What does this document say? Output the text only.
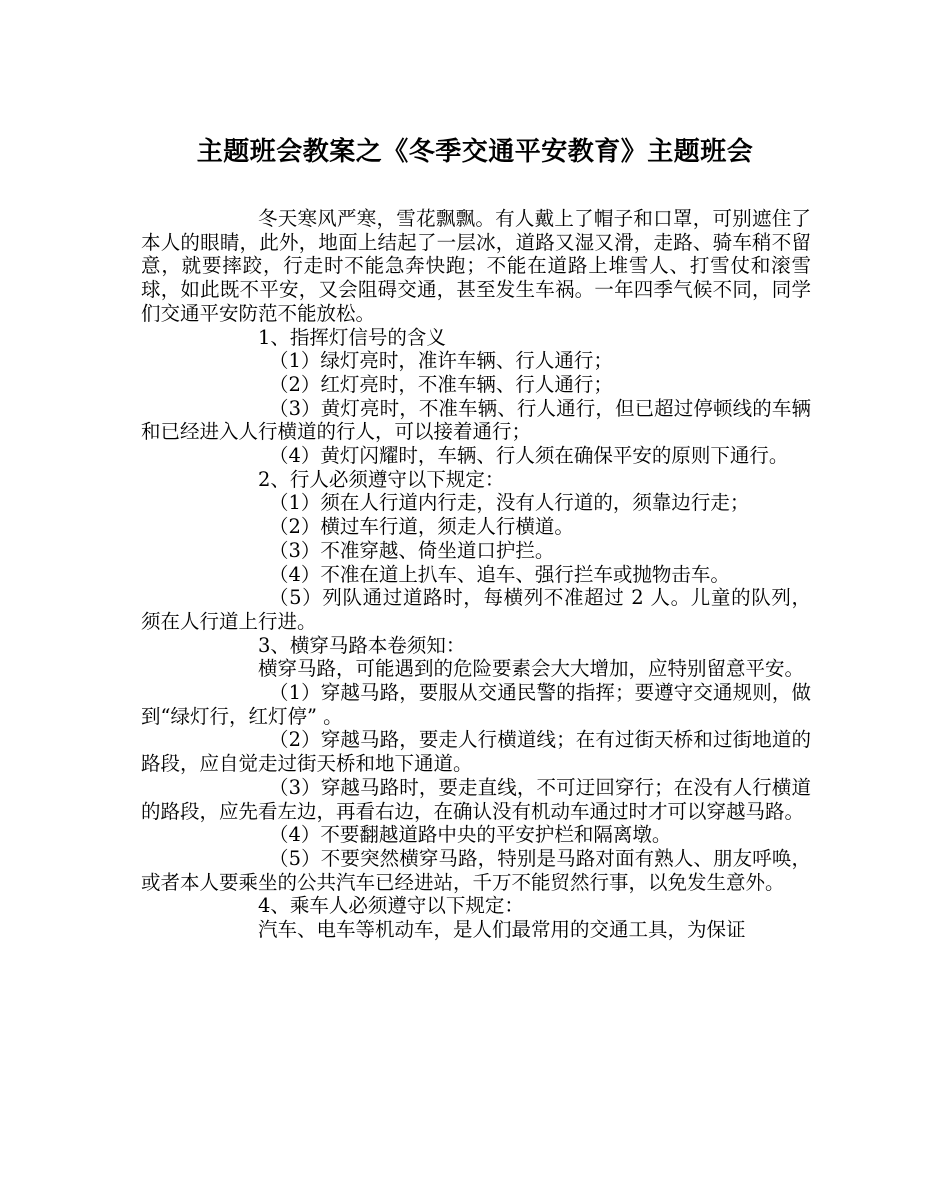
主题班会教案之《冬季交通平安教育》主题班会

冬天寒风严寒，雪花飘飘。有人戴上了帽子和口罩，可别遮住了本人的眼睛，此外，地面上结起了一层冰，道路又湿又滑，走路、骑车稍不留意，就要摔跤，行走时不能急奔快跑；不能在道路上堆雪人、打雪仗和滚雪球，如此既不平安，又会阻碍交通，甚至发生车祸。一年四季气候不同，同学们交通平安防范不能放松。

1、指挥灯信号的含义

（1）绿灯亮时，准许车辆、行人通行；

（2）红灯亮时，不准车辆、行人通行；

（3）黄灯亮时，不准车辆、行人通行，但已超过停顿线的车辆和已经进入人行横道的行人，可以接着通行；

（4）黄灯闪耀时，车辆、行人须在确保平安的原则下通行。

2、行人必须遵守以下规定：

（1）须在人行道内行走，没有人行道的，须靠边行走；

（2）横过车行道，须走人行横道。

（3）不准穿越、倚坐道口护拦。

（4）不准在道上扒车、追车、强行拦车或抛物击车。

（5）列队通过道路时，每横列不准超过 2 人。儿童的队列，须在人行道上行进。

3、横穿马路本卷须知：

横穿马路，可能遇到的危险要素会大大增加，应特别留意平安。

（1）穿越马路，要服从交通民警的指挥；要遵守交通规则，做到“绿灯行，红灯停” 。

（2）穿越马路，要走人行横道线；在有过街天桥和过街地道的路段，应自觉走过街天桥和地下通道。

（3）穿越马路时，要走直线，不可迂回穿行；在没有人行横道的路段，应先看左边，再看右边，在确认没有机动车通过时才可以穿越马路。

（4）不要翻越道路中央的平安护栏和隔离墩。

（5）不要突然横穿马路，特别是马路对面有熟人、朋友呼唤，或者本人要乘坐的公共汽车已经进站，千万不能贸然行事，以免发生意外。

4、乘车人必须遵守以下规定：

汽车、电车等机动车，是人们最常用的交通工具，为保证
